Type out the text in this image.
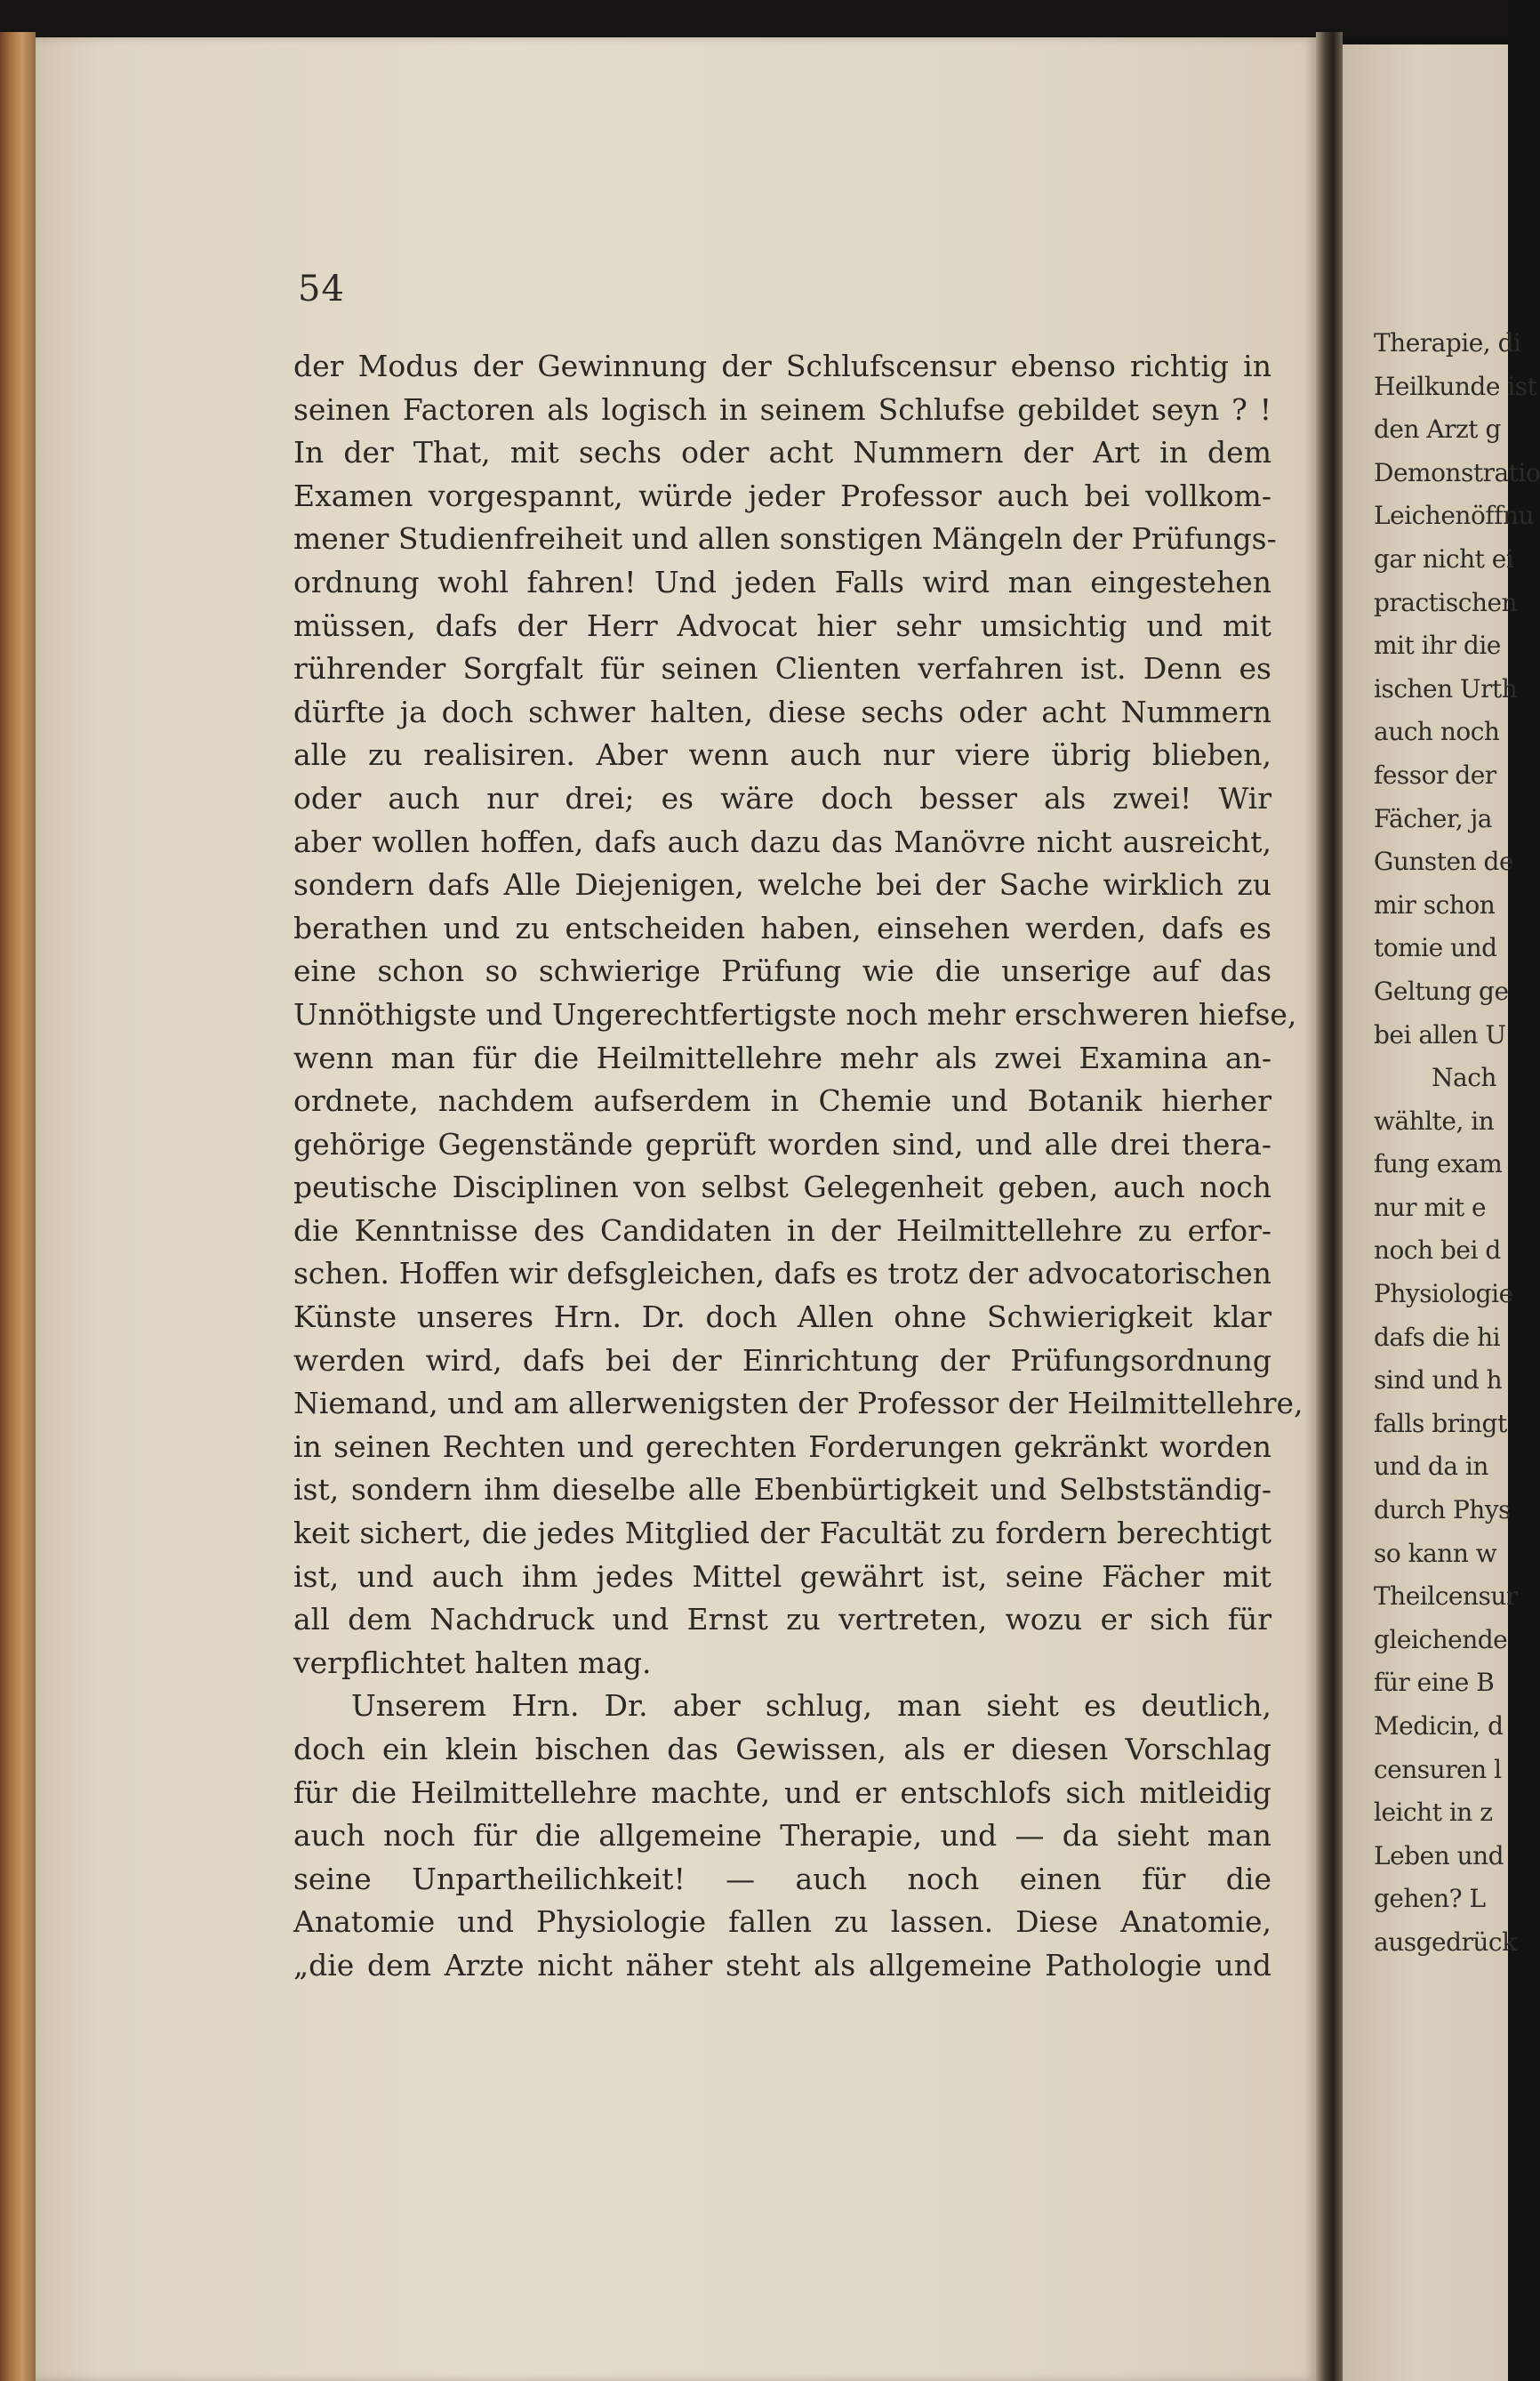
54
der Modus der Gewinnung der Schlufscensur ebenso richtig in
seinen Factoren als logisch in seinem Schlufse gebildet seyn ? !
In der That, mit sechs oder acht Nummern der Art in dem
Examen vorgespannt, würde jeder Professor auch bei vollkom-
mener Studienfreiheit und allen sonstigen Mängeln der Prüfungs-
ordnung wohl fahren! Und jeden Falls wird man eingestehen
müssen, dafs der Herr Advocat hier sehr umsichtig und mit
rührender Sorgfalt für seinen Clienten verfahren ist. Denn es
dürfte ja doch schwer halten, diese sechs oder acht Nummern
alle zu realisiren. Aber wenn auch nur viere übrig blieben,
oder auch nur drei; es wäre doch besser als zwei! Wir
aber wollen hoffen, dafs auch dazu das Manövre nicht ausreicht,
sondern dafs Alle Diejenigen, welche bei der Sache wirklich zu
berathen und zu entscheiden haben, einsehen werden, dafs es
eine schon so schwierige Prüfung wie die unserige auf das
Unnöthigste und Ungerechtfertigste noch mehr erschweren hiefse,
wenn man für die Heilmittellehre mehr als zwei Examina an-
ordnete, nachdem aufserdem in Chemie und Botanik hierher
gehörige Gegenstände geprüft worden sind, und alle drei thera-
peutische Disciplinen von selbst Gelegenheit geben, auch noch
die Kenntnisse des Candidaten in der Heilmittellehre zu erfor-
schen. Hoffen wir defsgleichen, dafs es trotz der advocatorischen
Künste unseres Hrn. Dr. doch Allen ohne Schwierigkeit klar
werden wird, dafs bei der Einrichtung der Prüfungsordnung
Niemand, und am allerwenigsten der Professor der Heilmittellehre,
in seinen Rechten und gerechten Forderungen gekränkt worden
ist, sondern ihm dieselbe alle Ebenbürtigkeit und Selbstständig-
keit sichert, die jedes Mitglied der Facultät zu fordern berechtigt
ist, und auch ihm jedes Mittel gewährt ist, seine Fächer mit
all dem Nachdruck und Ernst zu vertreten, wozu er sich für
verpflichtet halten mag.
Unserem Hrn. Dr. aber schlug, man sieht es deutlich,
doch ein klein bischen das Gewissen, als er diesen Vorschlag
für die Heilmittellehre machte, und er entschlofs sich mitleidig
auch noch für die allgemeine Therapie, und — da sieht man
seine Unpartheilichkeit! — auch noch einen für die
Anatomie und Physiologie fallen zu lassen. Diese Anatomie,
„die dem Arzte nicht näher steht als allgemeine Pathologie und
Therapie, di
Heilkunde ist
den Arzt g
Demonstratio
Leichenöffnu
gar nicht ei
practischen
mit ihr die
ischen Urth
auch noch
fessor der
Fächer, ja
Gunsten de
mir schon
tomie und
Geltung ge
bei allen U
Nach
wählte, in
fung exam
nur mit e
noch bei d
Physiologie
dafs die hi
sind und h
falls bringt
und da in
durch Phys
so kann w
Theilcensur
gleichende
für eine B
Medicin, d
censuren l
leicht in z
Leben und
gehen? L
ausgedrück
